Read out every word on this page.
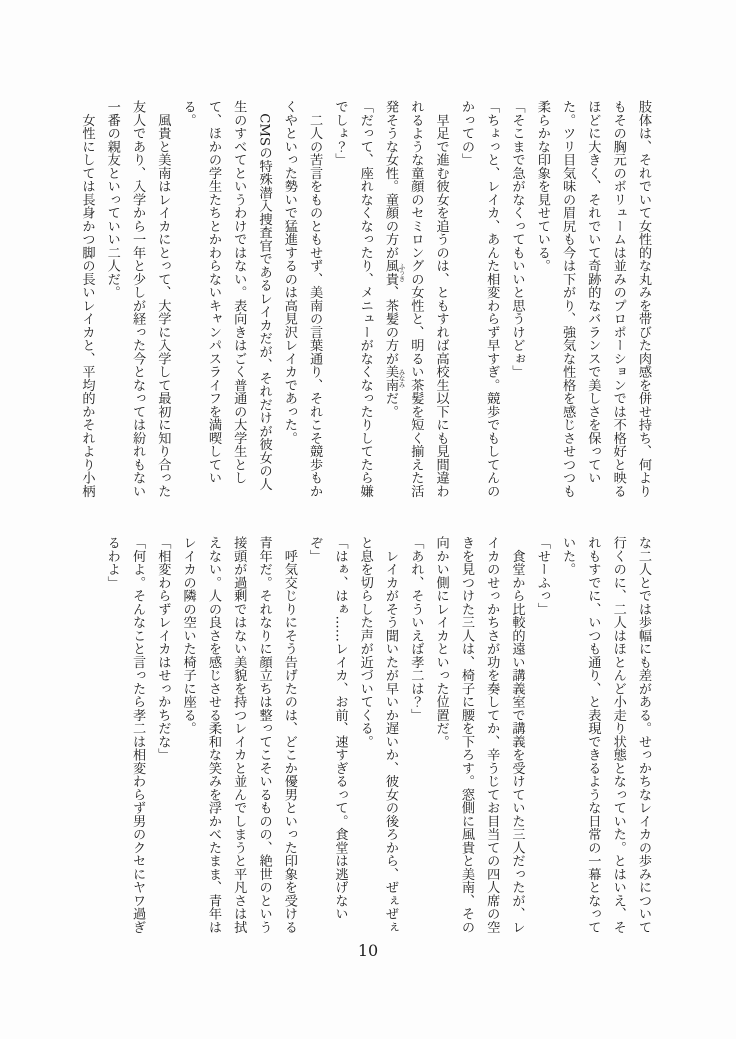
肢体は、それでいて女性的な丸みを帯びた肉感を併せ持ち、何よりもその胸元のボリュームは並みのプロポーションでは不格好と映るほどに大きく、それでいて奇跡的なバランスで美しさを保っていた。ツリ目気味の眉尻も今は下がり、強気な性格を感じさせつつも柔らかな印象を見せている。

「そこまで急がなくってもいいと思うけどぉ」

「ちょっと、レイカ、あんた相変わらず早すぎ。競歩でもしてんのかっての」

　早足で進む彼女を追うのは、ともすれば高校生以下にも見間違われるような童顔のセミロングの女性と、明るい茶髪を短く揃えた活発そうな女性。童顔の方が風貴 ふうき、茶髪の方が美南 みなみだ。

「だって、座れなくなったり、メニューがなくなったりしてたら嫌でしょ？」

　二人の苦言をものともせず、美南の言葉通り、それこそ競歩もかくやといった勢いで猛進するのは高見沢レイカであった。

　CMSの特殊潜入捜査官であるレイカだが、それだけが彼女の人生のすべてというわけではない。表向きはごく普通の大学生として、ほかの学生たちとかわらないキャンパスライフを満喫している。

　風貴と美南はレイカにとって、大学に入学して最初に知り合った友人であり、入学から一年と少しが経った今となっては紛れもない一番の親友といっていい二人だ。

　女性にしては長身かつ脚の長いレイカと、平均的かそれより小柄

な二人とでは歩幅にも差がある。せっかちなレイカの歩みについて行くのに、二人はほとんど小走り状態となっていた。とはいえ、それもすでに、いつも通り、と表現できるような日常の一幕となっていた。

「せーふっ」

　食堂から比較的遠い講義室で講義を受けていた三人だったが、レイカのせっかちさが功を奏してか、辛うじてお目当ての四人席の空きを見つけた三人は、椅子に腰を下ろす。窓側に風貴と美南、その向かい側にレイカといった位置だ。

「あれ、そういえば孝二は？」

　レイカがそう聞いたが早いか遅いか、彼女の後ろから、ぜぇぜぇと息を切らした声が近づいてくる。

「はぁ、はぁ……レイカ、お前、速すぎるって。食堂は逃げないぞ」

　呼気交じりにそう告げたのは、どこか優男といった印象を受ける青年だ。それなりに顔立ちは整ってこそいるものの、絶世のという接頭が過剰ではない美貌を持つレイカと並んでしまうと平凡さは拭えない。人の良さを感じさせる柔和な笑みを浮かべたまま、青年はレイカの隣の空いた椅子に座る。

「相変わらずレイカはせっかちだな」

「何よ。そんなこと言ったら孝二は相変わらず男のクセにヤワ過ぎるわよ」

10
